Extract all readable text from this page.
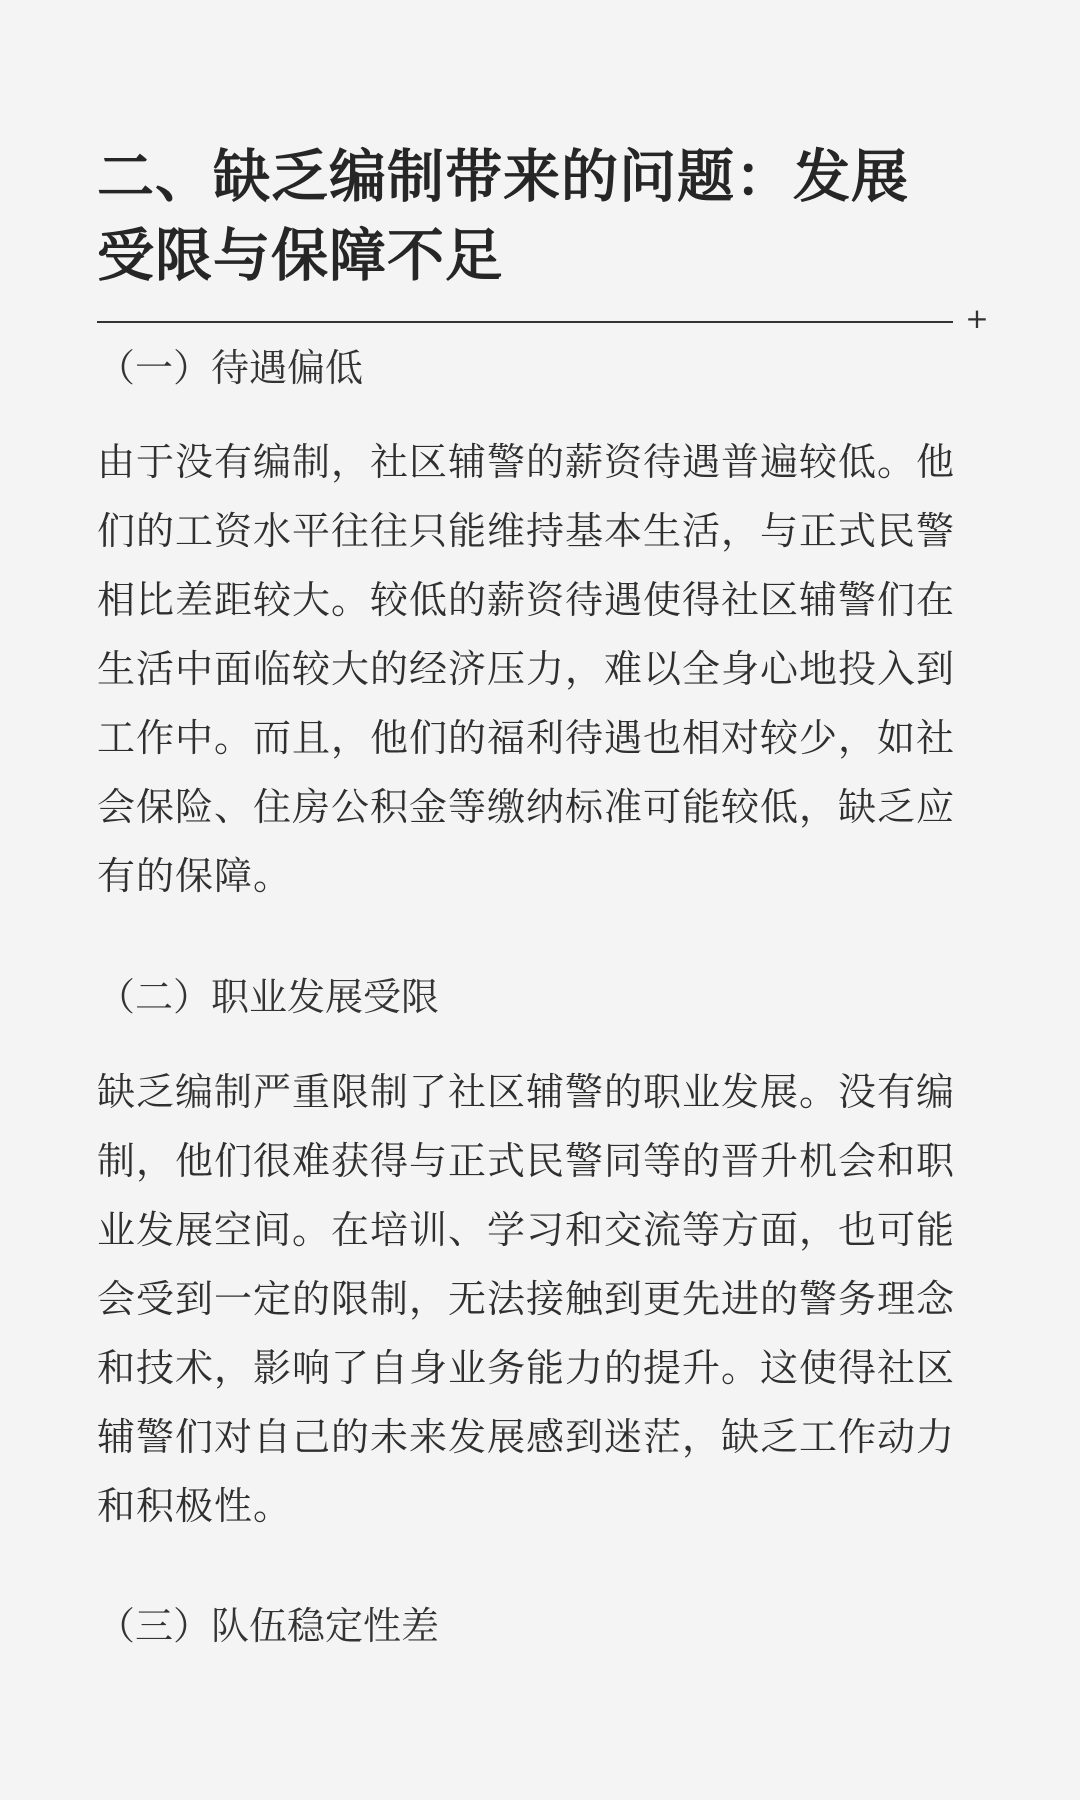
二、缺乏编制带来的问题：发展
受限与保障不足
+
（一）待遇偏低
由于没有编制，社区辅警的薪资待遇普遍较低。他
们的工资水平往往只能维持基本生活，与正式民警
相比差距较大。较低的薪资待遇使得社区辅警们在
生活中面临较大的经济压力，难以全身心地投入到
工作中。而且，他们的福利待遇也相对较少，如社
会保险、住房公积金等缴纳标准可能较低，缺乏应
有的保障。
（二）职业发展受限
缺乏编制严重限制了社区辅警的职业发展。没有编
制，他们很难获得与正式民警同等的晋升机会和职
业发展空间。在培训、学习和交流等方面，也可能
会受到一定的限制，无法接触到更先进的警务理念
和技术，影响了自身业务能力的提升。这使得社区
辅警们对自己的未来发展感到迷茫，缺乏工作动力
和积极性。
（三）队伍稳定性差
